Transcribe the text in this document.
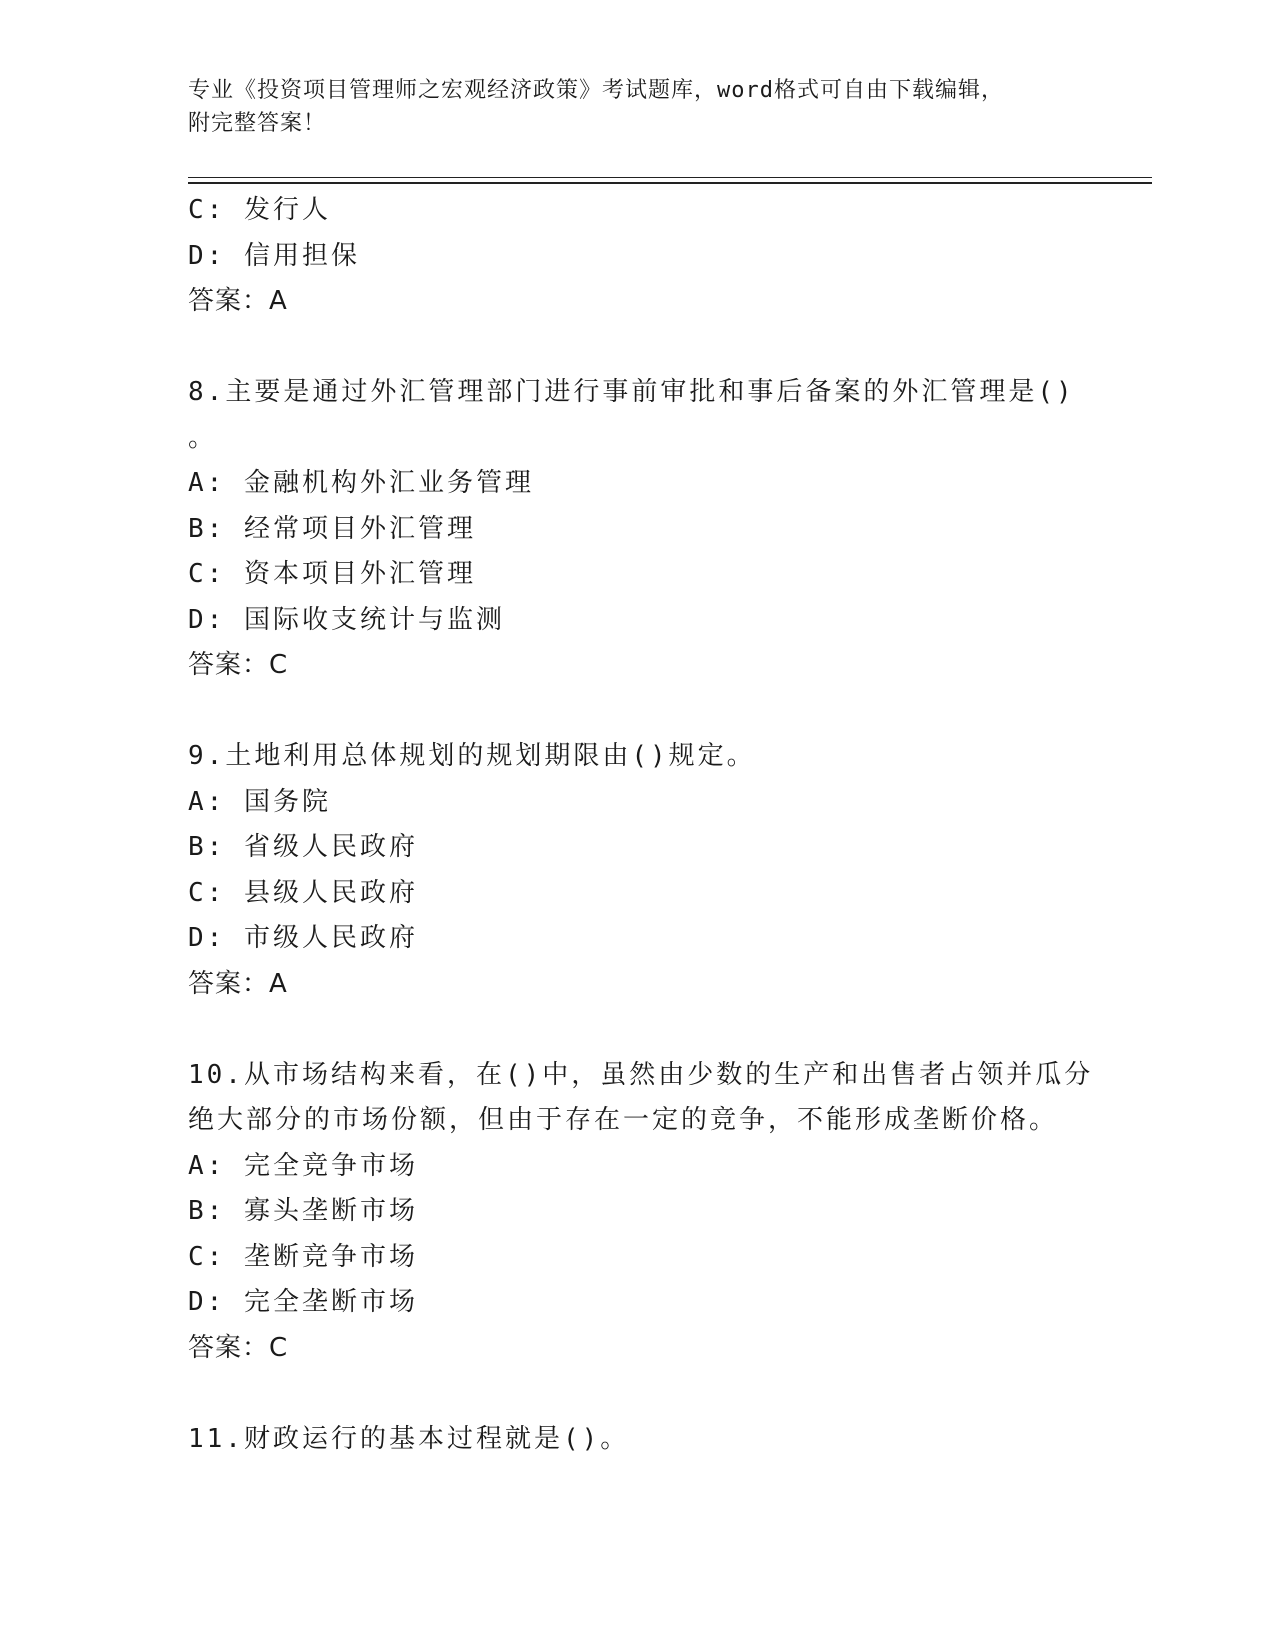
专业《投资项目管理师之宏观经济政策》考试题库，word格式可自由下载编辑，
附完整答案！
C: 发行人
D: 信用担保
答案：A
8.主要是通过外汇管理部门进行事前审批和事后备案的外汇管理是()
。
A: 金融机构外汇业务管理
B: 经常项目外汇管理
C: 资本项目外汇管理
D: 国际收支统计与监测
答案：C
9.土地利用总体规划的规划期限由()规定。
A: 国务院
B: 省级人民政府
C: 县级人民政府
D: 市级人民政府
答案：A
10.从市场结构来看，在()中，虽然由少数的生产和出售者占领并瓜分
绝大部分的市场份额，但由于存在一定的竞争，不能形成垄断价格。
A: 完全竞争市场
B: 寡头垄断市场
C: 垄断竞争市场
D: 完全垄断市场
答案：C
11.财政运行的基本过程就是()。
